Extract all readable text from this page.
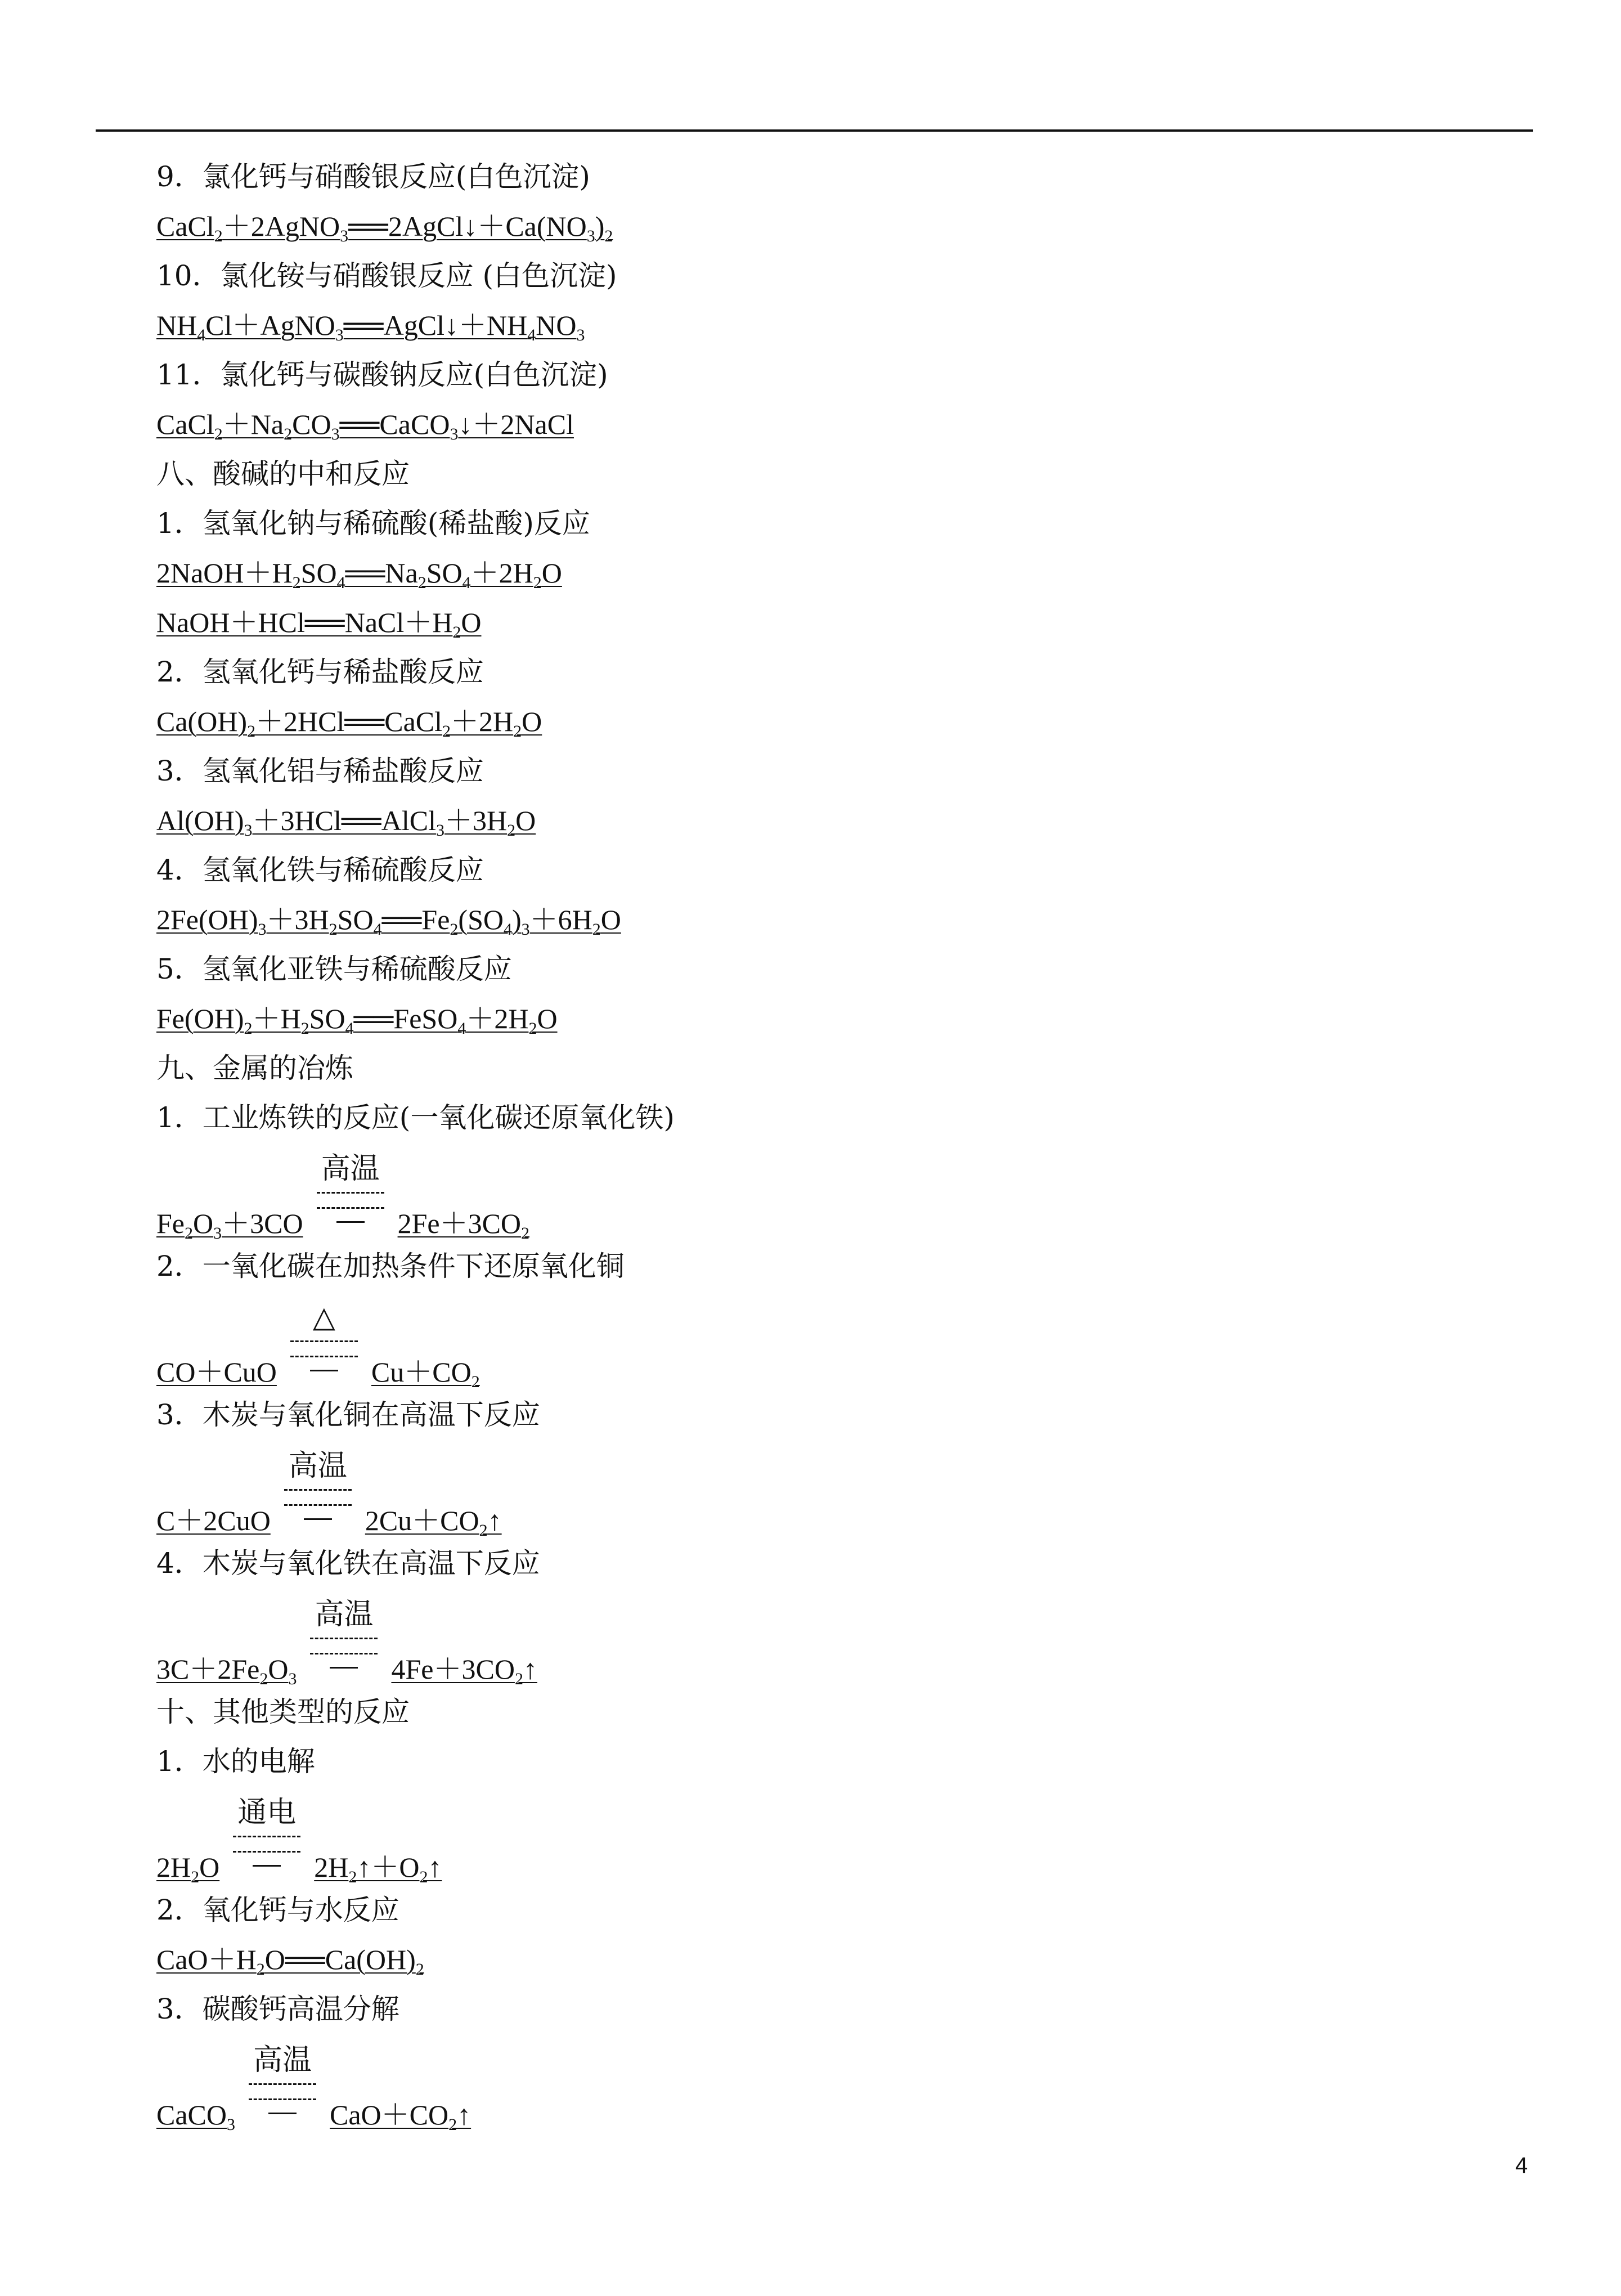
9．氯化钙与硝酸银反应(白色沉淀)
$CaCl_2+2AgNO_3══2AgCl↓+Ca(NO_3)_2$
10．氯化铵与硝酸银反应 (白色沉淀)
$NH_4Cl+AgNO_3══AgCl↓+NH_4NO_3$
11．氯化钙与碳酸钠反应(白色沉淀)
$CaCl_2+Na_2CO_3══CaCO_3↓+2NaCl$
八、酸碱的中和反应
1．氢氧化钠与稀硫酸(稀盐酸)反应
$2NaOH+H_2SO_4══Na_2SO_4+2H_2O$
$NaOH+HCl══NaCl+H_2O$
2．氢氧化钙与稀盐酸反应
$Ca(OH)_2+2HCl══CaCl_2+2H_2O$
3．氢氧化铝与稀盐酸反应
$Al(OH)_3+3HCl══AlCl_3+3H_2O$
4．氢氧化铁与稀硫酸反应
$2Fe(OH)_3+3H_2SO_4══Fe_2(SO_4)_3+6H_2O$
5．氢氧化亚铁与稀硫酸反应
$Fe(OH)_2+H_2SO_4══FeSO_4+2H_2O$
九、金属的冶炼
1．工业炼铁的反应(一氧化碳还原氧化铁)
$Fe_2O_3+3CO$
高温
$2Fe+3CO_2$
2．一氧化碳在加热条件下还原氧化铜
CO＋CuO
△
$Cu+CO_2$
3．木炭与氧化铜在高温下反应
C＋2CuO
高温
$2Cu+CO_2↑$
4．木炭与氧化铁在高温下反应
$3C+2Fe_2O_3$
高温
$4Fe+3CO_2↑$
十、其他类型的反应
1．水的电解
$2H_2O$
通电
$2H_2↑+O_2↑$
2．氧化钙与水反应
$CaO+H_2O══Ca(OH)_2$
3．碳酸钙高温分解
CaCO$_3$
高温
$CaO+CO_2↑$
4
